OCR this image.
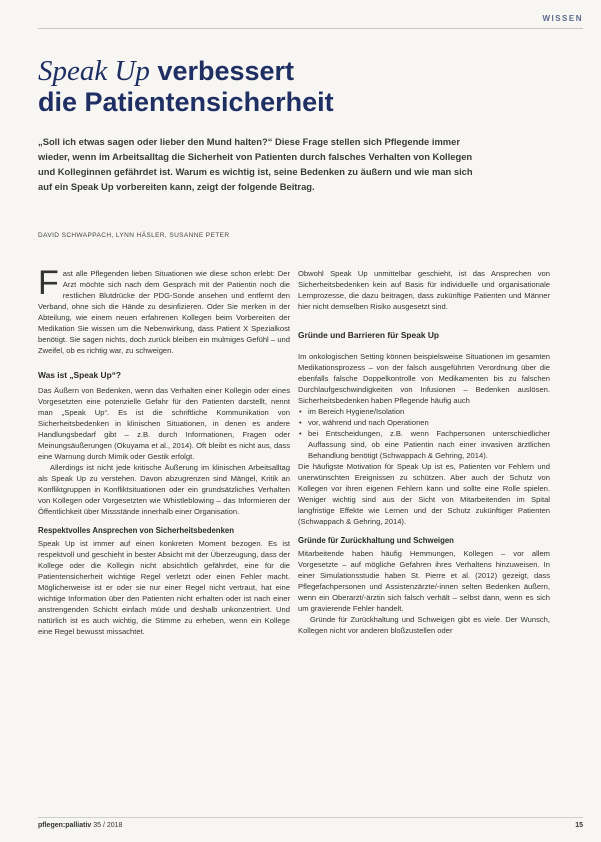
WISSEN
Speak Up verbessert
die Patientensicherheit

„Soll ich etwas sagen oder lieber den Mund halten?“ Diese Frage stellen sich Pflegende immer wieder, wenn im Arbeitsalltag die Sicherheit von Patienten durch falsches Verhalten von Kollegen und Kolleginnen gefährdet ist. Warum es wichtig ist, seine Bedenken zu äußern und wie man sich auf ein Speak Up vorbereiten kann, zeigt der folgende Beitrag.

DAVID SCHWAPPACH, LYNN HÄSLER, SUSANNE PETER

Fast alle Pflegenden lieben Situationen wie diese schon erlebt: Der Arzt möchte sich nach dem Gespräch mit der Patientin noch die restlichen Blutdrücke der PDG-Sonde ansehen und entfernt den Verband, ohne sich die Hände zu desinfizieren. Oder Sie merken in der Abteilung, wie einem neuen erfahrenen Kollegen beim Vorbereiten der Medikation Sie wissen um die Nebenwirkung, dass Patient X Spezialkost benötigt. Sie sagen nichts, doch zurück bleiben ein mulmiges Gefühl – und Zweifel, ob es richtig war, zu schweigen.

Was ist „Speak Up“?

Das Äußern von Bedenken, wenn das Verhalten einer Kollegin oder eines Vorgesetzten eine potenzielle Gefahr für den Patienten darstellt, nennt man „Speak Up“. Es ist die schriftliche Kommunikation von Sicherheitsbedenken in klinischen Situationen, in denen es andere Handlungsbedarf gibt – z.B. durch Informationen, Fragen oder Meinungsäußerungen (Okuyama et al., 2014). Oft bleibt es nicht aus, dass eine Warnung durch Mimik oder Gestik erfolgt.

Allerdings ist nicht jede kritische Äußerung im klinischen Arbeitsalltag als Speak Up zu verstehen. Davon abzugrenzen sind Mängel, Kritik an Konfliktgruppen in Konfliktsituationen oder ein grundsätzliches Verhalten von Kollegen oder Vorgesetzten wie Whistleblowing – das Informieren der Öffentlichkeit über Missstände innerhalb einer Organisation.

Respektvolles Ansprechen von Sicherheitsbedenken

Speak Up ist immer auf einen konkreten Moment bezogen. Es ist respektvoll und geschieht in bester Absicht mit der Überzeugung, dass der Kollege oder die Kollegin nicht absichtlich gefährdet, eine für die Patientensicherheit wichtige Regel verletzt oder einen Fehler macht. Möglicherweise ist er oder sie nur einer Regel nicht vertraut, hat eine wichtige Information über den Patienten nicht erhalten oder ist nach einer anstrengenden Schicht einfach müde und deshalb unkonzentriert. Und natürlich ist es auch wichtig, die Stimme zu erheben, wenn ein Kollege eine Regel bewusst missachtet.

Obwohl Speak Up unmittelbar geschieht, ist das Ansprechen von Sicherheitsbedenken kein auf Basis für individuelle und organisationale Lernprozesse, die dazu beitragen, dass zukünftige Patienten und Männer hier nicht demselben Risiko ausgesetzt sind.

Gründe und Barrieren für Speak Up

Im onkologischen Setting können beispielsweise Situationen im gesamten Medikationsprozess – von der falsch ausgeführten Verordnung über die ebenfalls falsche Doppelkontrolle von Medikamenten bis zu falschen Durchlaufgeschwindigkeiten von Infusionen – Bedenken auslösen. Sicherheitsbedenken haben Pflegende häufig auch

• im Bereich Hygiene/Isolation
• vor, während und nach Operationen
• bei Entscheidungen, z.B. wenn Fachpersonen unterschiedlicher Auffassung sind, ob eine Patientin nach einer invasiven ärztlichen Behandlung benötigt (Schwappach & Gehring, 2014).

Die häufigste Motivation für Speak Up ist es, Patienten vor Fehlern und unerwünschten Ereignissen zu schützen. Aber auch der Schutz von Kollegen vor ihren eigenen Fehlern kann und sollte eine Rolle spielen. Weniger wichtig sind aus der Sicht von Mitarbeitenden im Spital langfristige Effekte wie Lernen und der Schutz zukünftiger Patienten (Schwappach & Gehring, 2014).

Gründe für Zurückhaltung und Schweigen

Mitarbeitende haben häufig Hemmungen, Kollegen – vor allem Vorgesetzte – auf mögliche Gefahren ihres Verhaltens hinzuweisen. In einer Simulationsstudie haben St. Pierre et al. (2012) gezeigt, dass Pflegefachpersonen und Assistenzärzte/-innen selten Bedenken äußern, wenn ein Oberarzt/-ärztin sich falsch verhält – selbst dann, wenn es sich um gravierende Fehler handelt.

Gründe für Zurückhaltung und Schweigen gibt es viele. Der Wunsch, Kollegen nicht vor anderen bloßzustellen oder

pflegen:palliativ 35 / 2018	15
